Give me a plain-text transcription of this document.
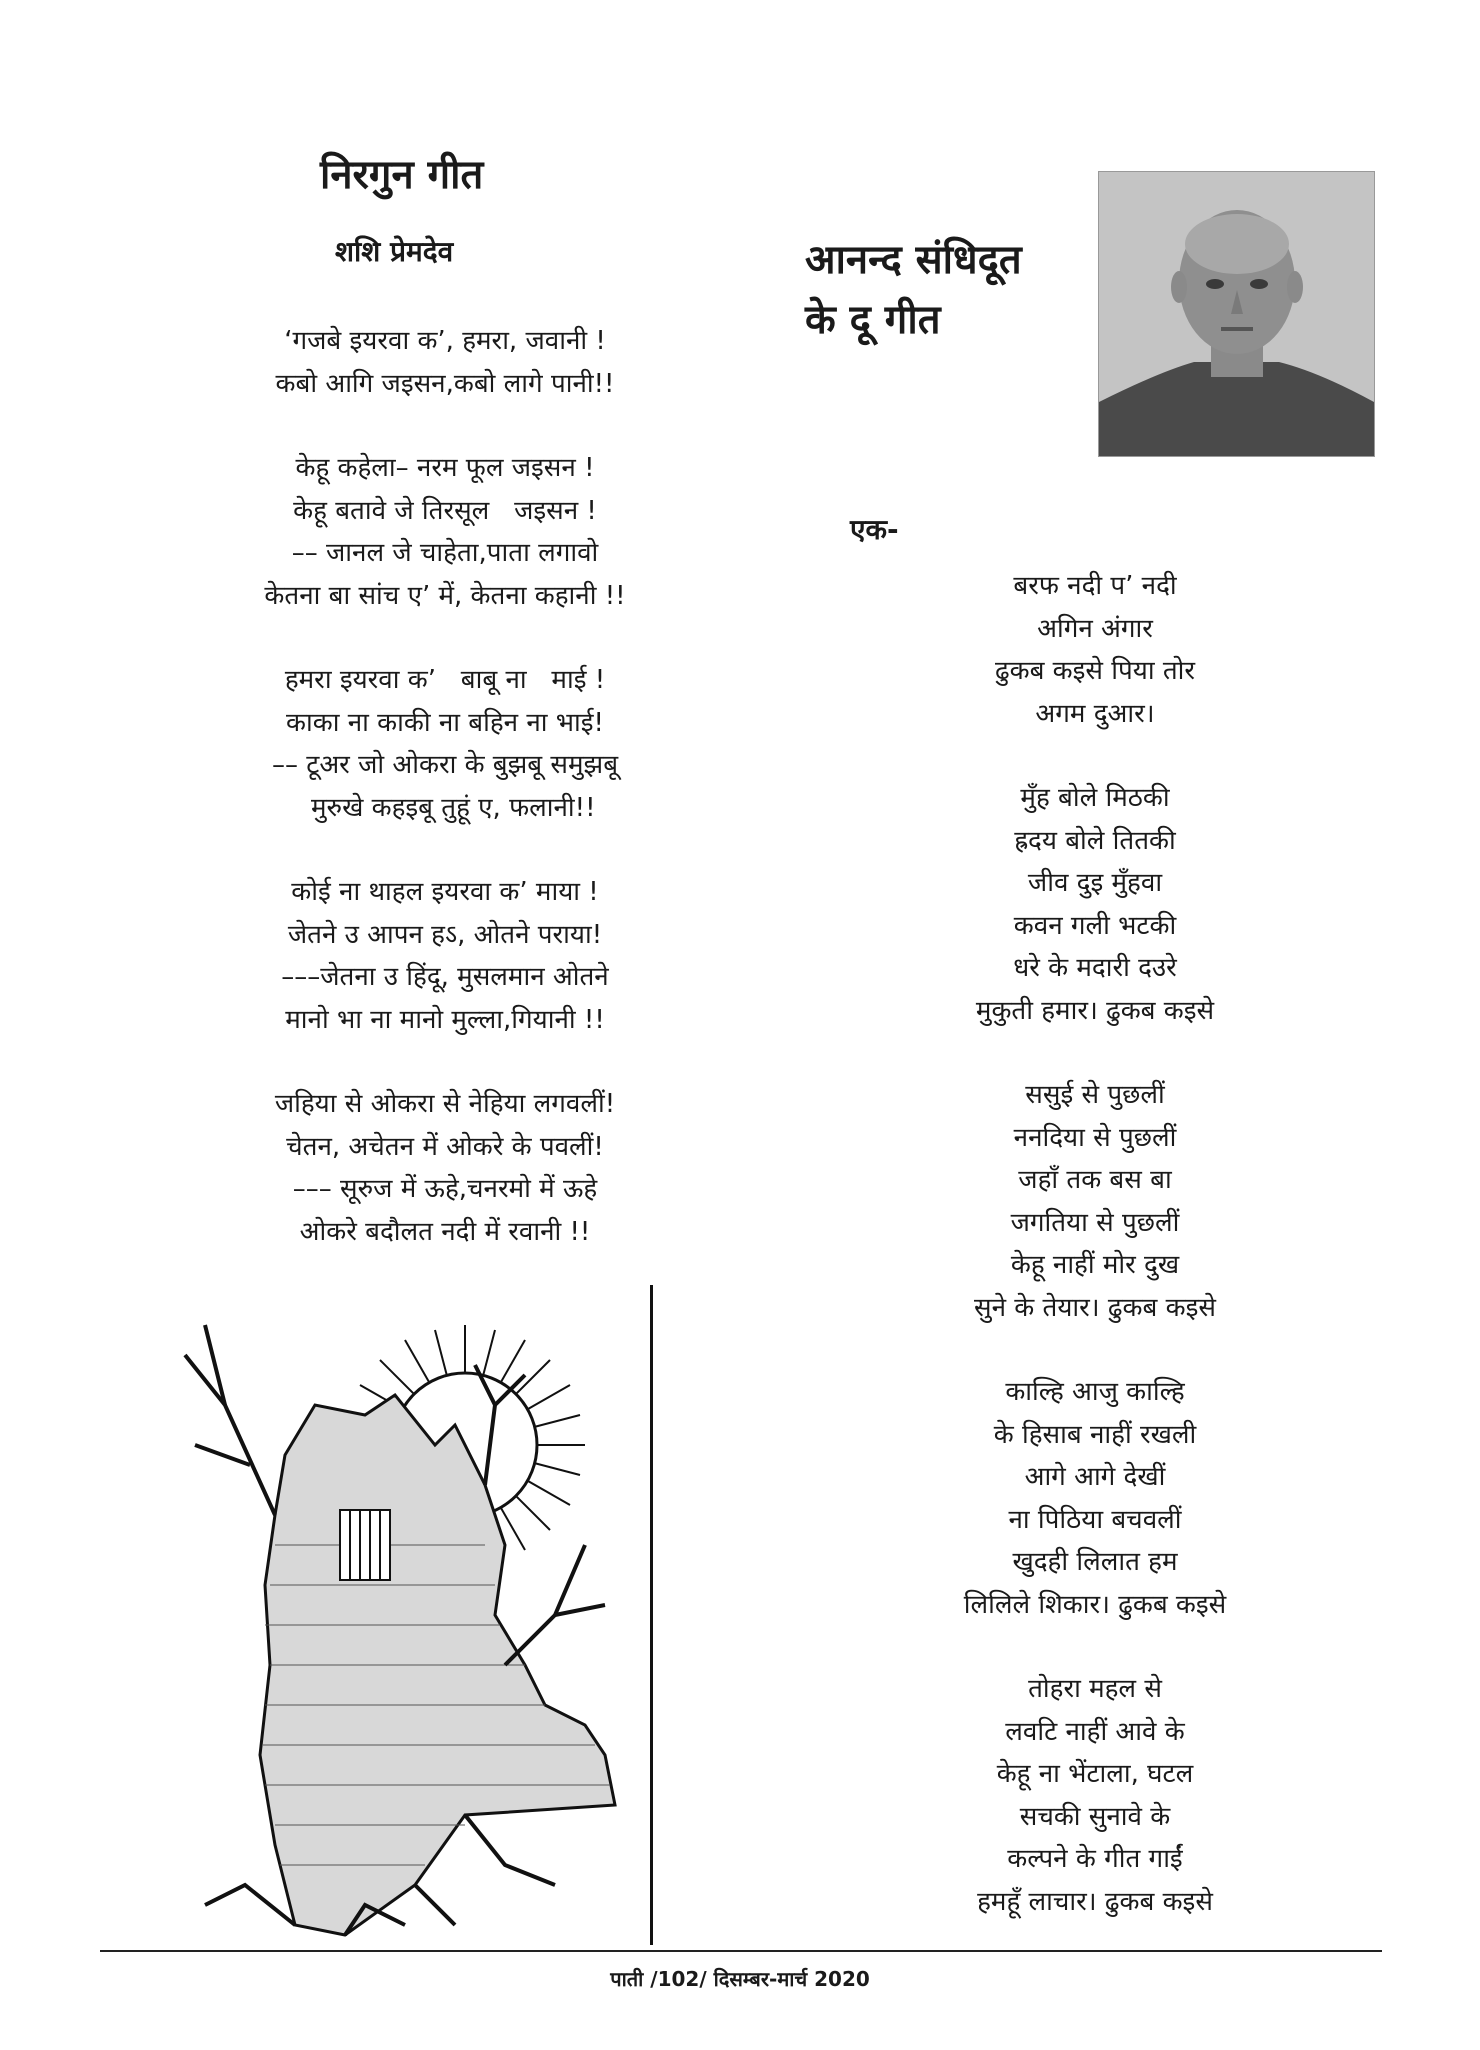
निरगुन गीत
शशि प्रेमदेव
‘गजबे इयरवा क’, हमरा, जवानी !
कबो आगि जइसन,कबो लागे पानी!!
केहू कहेला– नरम फूल जइसन !
केहू बतावे जे तिरसूल   जइसन !
–– जानल जे चाहेता,पाता लगावो
केतना बा सांच ए’ में, केतना कहानी !!
हमरा इयरवा क’   बाबू ना   माई !
काका ना काकी ना बहिन ना भाई!
–– टूअर जो ओकरा के बुझबू समुझबू
मुरुखे कहइबू तुहूं ए, फलानी!!
कोई ना थाहल इयरवा क’ माया !
जेतने उ आपन हऽ, ओतने पराया!
–––जेतना उ हिंदू, मुसलमान ओतने
मानो भा ना मानो मुल्ला,गियानी !!
जहिया से ओकरा से नेहिया लगवलीं!
चेतन, अचेतन में ओकरे के पवलीं!
––– सूरुज में ऊहे,चनरमो में ऊहे
ओकरे बदौलत नदी में रवानी !!
आनन्द संधिदूत
के दू गीत
एक-
बरफ नदी प’ नदी
अगिन अंगार
ढुकब कइसे पिया तोर
अगम दुआर।
मुँह बोले मिठकी
ह्रदय बोले तितकी
जीव दुइ मुँहवा
कवन गली भटकी
धरे के मदारी दउरे
मुकुती हमार। ढुकब कइसे
ससुई से पुछलीं
ननदिया से पुछलीं
जहाँ तक बस बा
जगतिया से पुछलीं
केहू नाहीं मोर दुख
सुने के तेयार। ढुकब कइसे
काल्हि आजु काल्हि
के हिसाब नाहीं रखली
आगे आगे देखीं
ना पिठिया बचवलीं
खुदही लिलात हम
लिलिले शिकार। ढुकब कइसे
तोहरा महल से
लवटि नाहीं आवे के
केहू ना भेंटाला, घटल
सचकी सुनावे के
कल्पने के गीत गाईं
हमहूँ लाचार। ढुकब कइसे
पाती /102/ दिसम्बर-मार्च 2020
